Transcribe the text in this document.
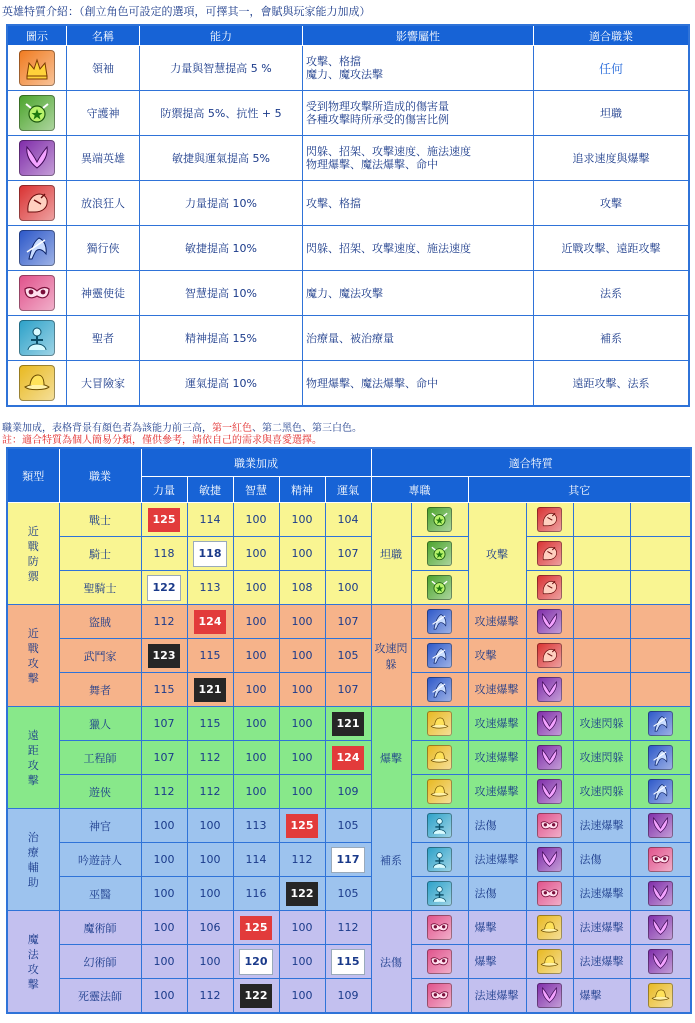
英雄特質介紹：（創立角色可設定的選項，可擇其一，會賦與玩家能力加成）
圖示	名稱	能力	影響屬性	適合職業

	領袖	力量與智慧提高 5 %	攻擊、格擋
魔力、魔攻法擊	任何

	守護神	防禦提高 5%、抗性 + 5	受到物理攻擊所造成的傷害量
各種攻擊時所承受的傷害比例	坦職

	異端英雄	敏捷與運氣提高 5%	閃躲、招架、攻擊速度、施法速度
物理爆擊、魔法爆擊、命中	追求速度與爆擊

	放浪狂人	力量提高 10%	攻擊、格擋	攻擊

	獨行俠	敏捷提高 10%	閃躲、招架、攻擊速度、施法速度	近戰攻擊、遠距攻擊

	神靈使徒	智慧提高 10%	魔力、魔法攻擊	法系

	聖者	精神提高 15%	治療量、被治療量	補系

	大冒險家	運氣提高 10%	物理爆擊、魔法爆擊、命中	遠距攻擊、法系
職業加成，表格背景有顏色者為該能力前三高，第一紅色、第二黑色、第三白色。
註：適合特質為個人簡易分類，僅供參考，請依自己的需求與喜愛選擇。
類型	職業	職業加成					適合特質					
		力量	敏捷	智慧	精神	運氣	專職		其它			
近戰防禦	戰士	125	114	100	100	104	坦職		攻擊	

	騎士	118	118	100	100	107	

	聖騎士	122	113	100	108	100	

近戰攻擊	盜賊	112	124	100	100	107	攻速閃躲		攻速爆擊	

	武鬥家	123	115	100	100	105			攻擊	

	舞者	115	121	100	100	107			攻速爆擊	

遠距攻擊	獵人	107	115	100	100	121	爆擊		攻速爆擊		攻速閃躲	

	工程師	107	112	100	100	124			攻速爆擊		攻速閃躲	

	遊俠	112	112	100	100	109			攻速爆擊		攻速閃躲	

治療輔助	神官	100	100	113	125	105	補系		法傷		法速爆擊	

	吟遊詩人	100	100	114	112	117			法速爆擊		法傷	

	巫醫	100	100	116	122	105			法傷		法速爆擊	

魔法攻擊	魔術師	100	106	125	100	112	法傷		爆擊		法速爆擊	

	幻術師	100	100	120	100	115			爆擊		法速爆擊	

	死靈法師	100	112	122	100	109			法速爆擊		爆擊	
